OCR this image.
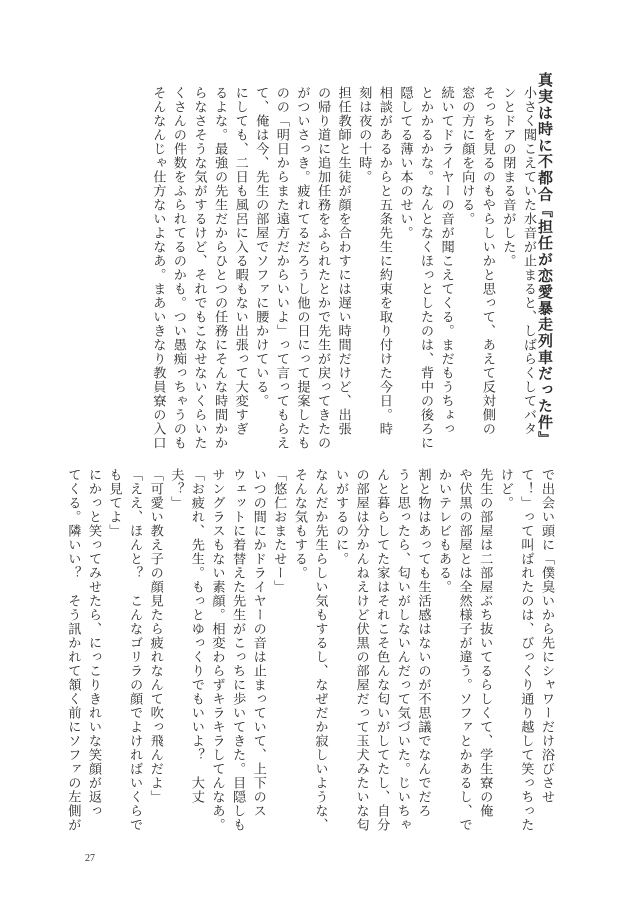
真実は時に不都合『担任が恋愛暴走列車だった件』
小さく聞こえていた水音が止まると、しばらくしてバタ
ンとドアの閉まる音がした。
そっちを見るのもやらしいかと思って、あえて反対側の
窓の方に顔を向ける。
続いてドライヤーの音が聞こえてくる。まだもうちょっ
とかかるかな。なんとなくほっとしたのは、背中の後ろに
隠してる薄い本のせい。
相談があるからと五条先生に約束を取り付けた今日。時
刻は夜の十時。
担任教師と生徒が顔を合わすには遅い時間だけど、出張
の帰り道に追加任務をふられたとかで先生が戻ってきたの
がついさっき。疲れてるだろうし他の日にって提案したも
のの「明日からまた遠方だからいいよ」って言ってもらえ
て、俺は今、先生の部屋でソファに腰かけている。
にしても、二日も風呂に入る暇もない出張って大変すぎ
るよな。最強の先生だからひとつの任務にそんな時間かか
らなさそうな気がするけど、それでもこなせないくらいた
くさんの件数をふられてるのかも。つい愚痴っちゃうのも
そんなんじゃ仕方ないよなあ。まあいきなり教員寮の入口
で出会い頭に「僕臭いから先にシャワーだけ浴びさせ
て！」って叫ばれたのは、びっくり通り越して笑っちった
けど。
先生の部屋は二部屋ぶち抜いてるらしくて、学生寮の俺
や伏黒の部屋とは全然様子が違う。ソファとかあるし、で
かいテレビもある。
割と物はあっても生活感はないのが不思議でなんでだろ
うと思ったら、匂いがしないんだって気づいた。じいちゃ
んと暮らしてた家はそれこそ色んな匂いがしてたし、自分
の部屋は分かんねえけど伏黒の部屋だって玉犬みたいな匂
いがするのに。
なんだか先生らしい気もするし、なぜだか寂しいような、
そんな気もする。
「悠仁おまたせー」
いつの間にかドライヤーの音は止まっていて、上下のス
ウェットに着替えた先生がこっちに歩いてきた。目隠しも
サングラスもない素顔。相変わらずキラキラしてんなあ。
「お疲れ、先生。もっとゆっくりでもいいよ？　大丈
夫？」
「可愛い教え子の顔見たら疲れなんて吹っ飛んだよ」
「ええ、ほんと？　こんなゴリラの顔でよければいくらで
も見てよ」
にかっと笑ってみせたら、にっこりきれいな笑顔が返っ
てくる。隣いい？　そう訊かれて頷く前にソファの左側が
27
